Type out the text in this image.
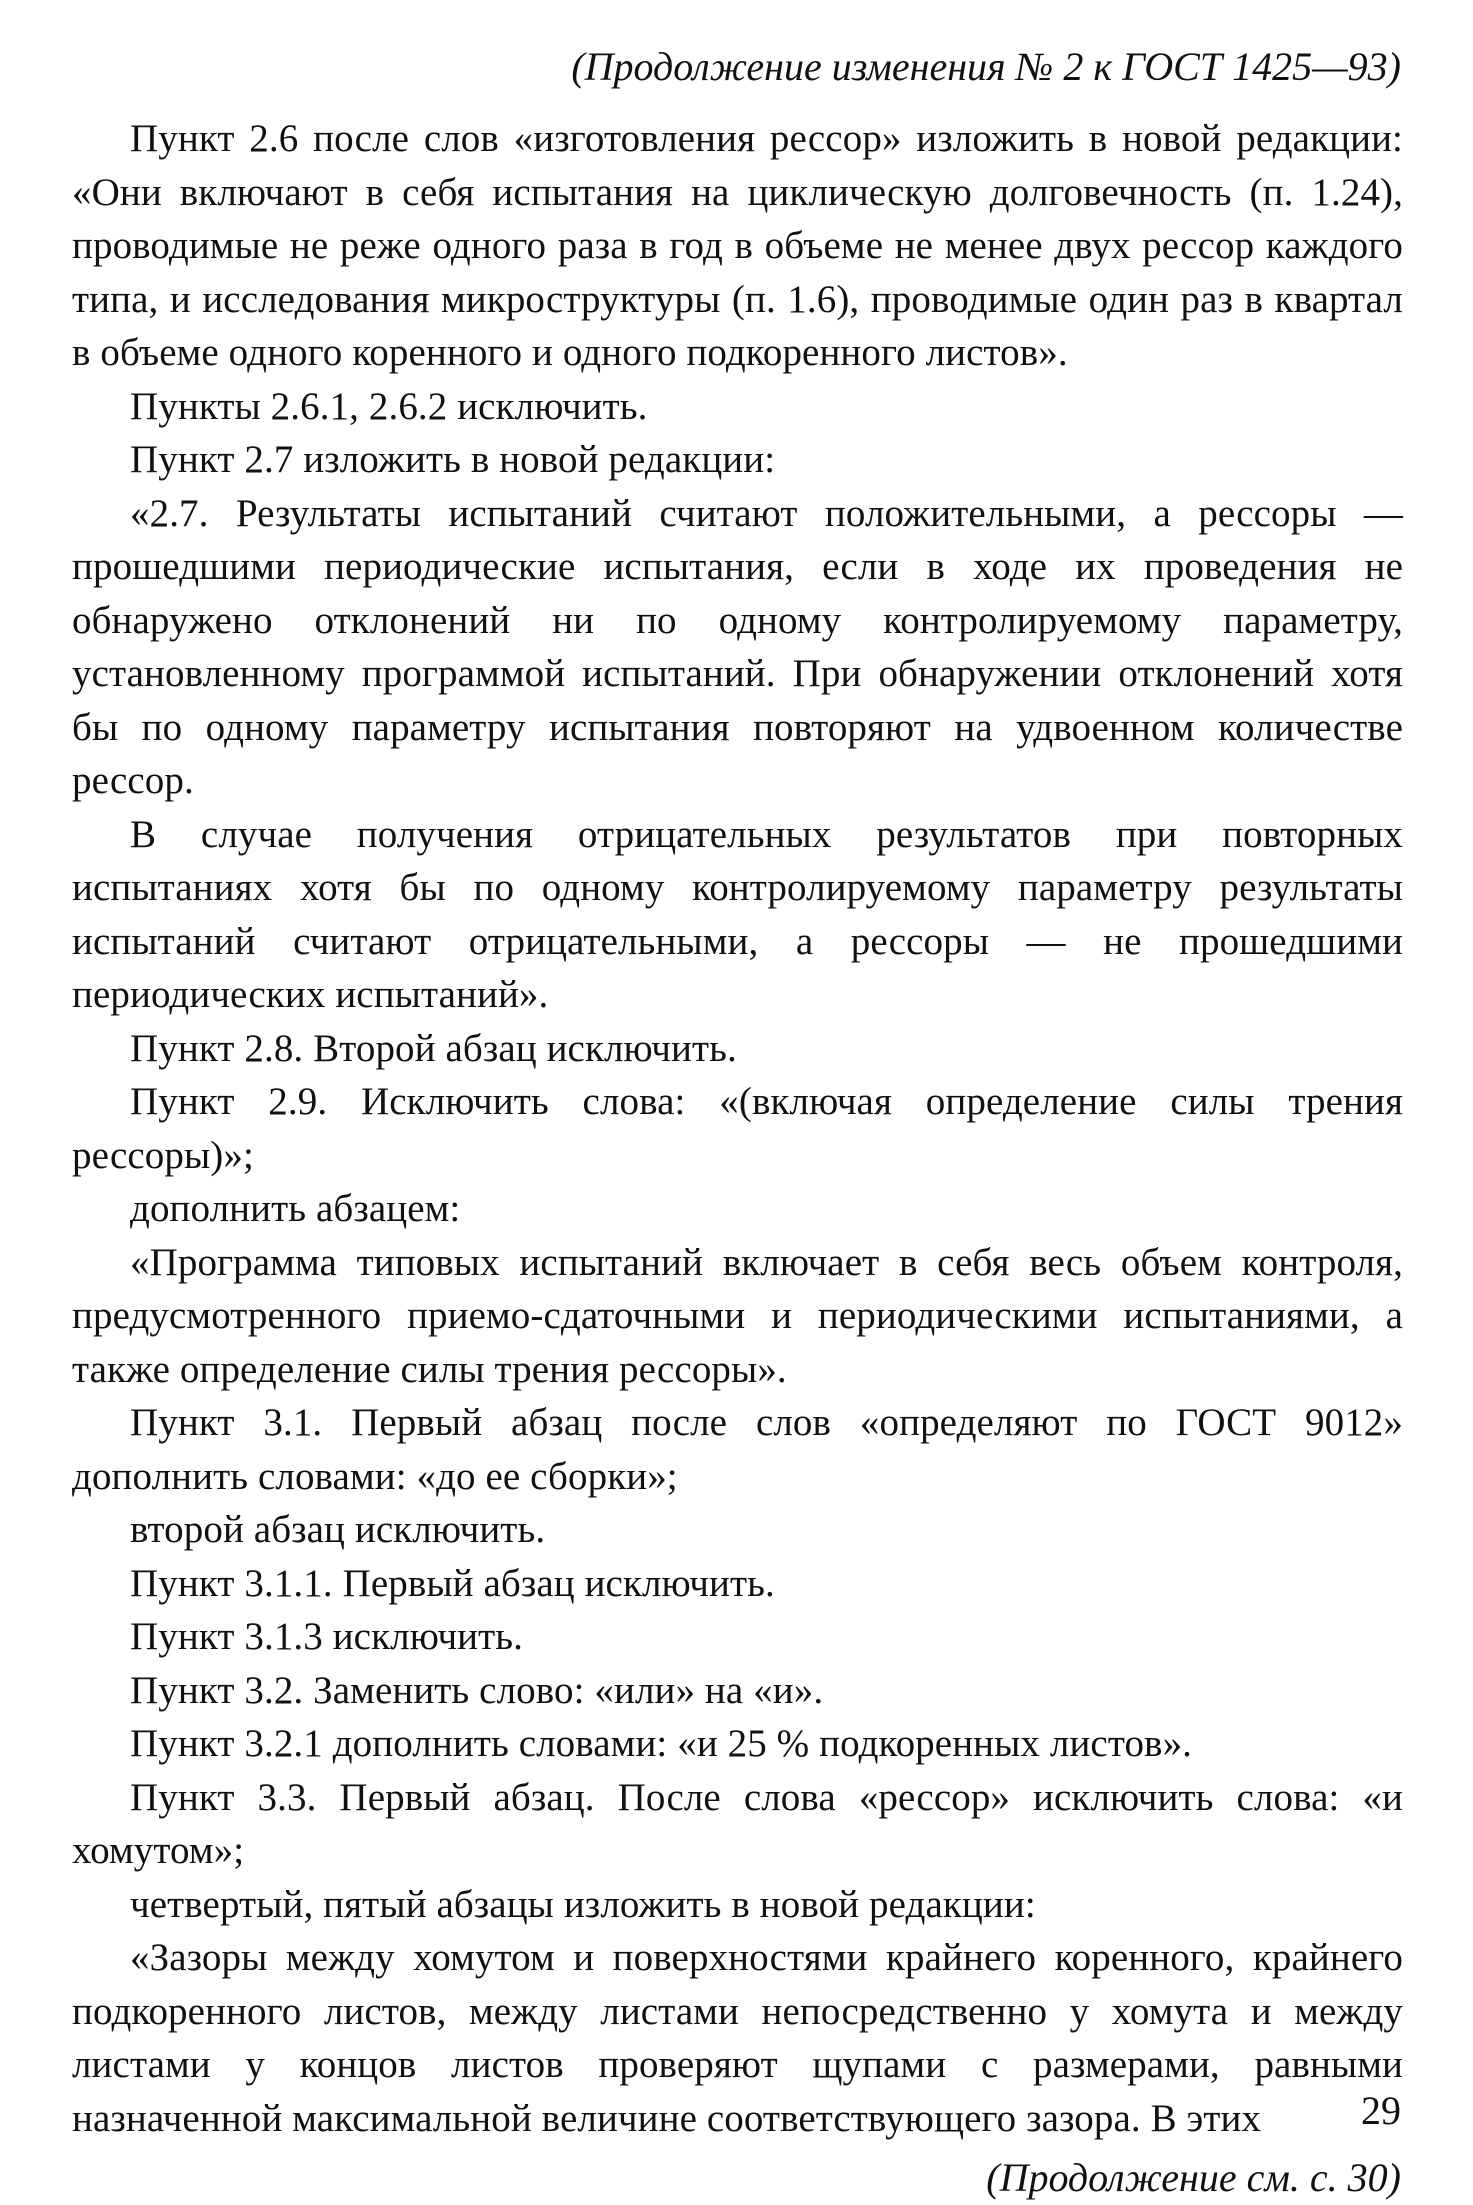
(Продолжение изменения № 2 к ГОСТ 1425—93)

Пункт 2.6 после слов «изготовления рессор» изложить в новой редакции: «Они включают в себя испытания на циклическую долговечность (п. 1.24), проводимые не реже одного раза в год в объеме не менее двух рессор каждого типа, и исследования микроструктуры (п. 1.6), проводимые один раз в квартал в объеме одного коренного и одного подкоренного листов».

Пункты 2.6.1, 2.6.2 исключить.

Пункт 2.7 изложить в новой редакции:

«2.7. Результаты испытаний считают положительными, а рессоры — прошедшими периодические испытания, если в ходе их проведения не обнаружено отклонений ни по одному контролируемому параметру, установленному программой испытаний. При обнаружении отклонений хотя бы по одному параметру испытания повторяют на удвоенном количестве рессор.

В случае получения отрицательных результатов при повторных испытаниях хотя бы по одному контролируемому параметру результаты испытаний считают отрицательными, а рессоры — не прошедшими периодических испытаний».

Пункт 2.8. Второй абзац исключить.

Пункт 2.9. Исключить слова: «(включая определение силы трения рессоры)»;

дополнить абзацем:

«Программа типовых испытаний включает в себя весь объем контроля, предусмотренного приемо-сдаточными и периодическими испытаниями, а также определение силы трения рессоры».

Пункт 3.1. Первый абзац после слов «определяют по ГОСТ 9012» дополнить словами: «до ее сборки»;

второй абзац исключить.

Пункт 3.1.1. Первый абзац исключить.

Пункт 3.1.3 исключить.

Пункт 3.2. Заменить слово: «или» на «и».

Пункт 3.2.1 дополнить словами: «и 25 % подкоренных листов».

Пункт 3.3. Первый абзац. После слова «рессор» исключить слова: «и хомутом»;

четвертый, пятый абзацы изложить в новой редакции:

«Зазоры между хомутом и поверхностями крайнего коренного, крайнего подкоренного листов, между листами непосредственно у хомута и между листами у концов листов проверяют щупами с размерами, равными назначенной максимальной величине соответствующего зазора. В этих

(Продолжение см. с. 30)
29
